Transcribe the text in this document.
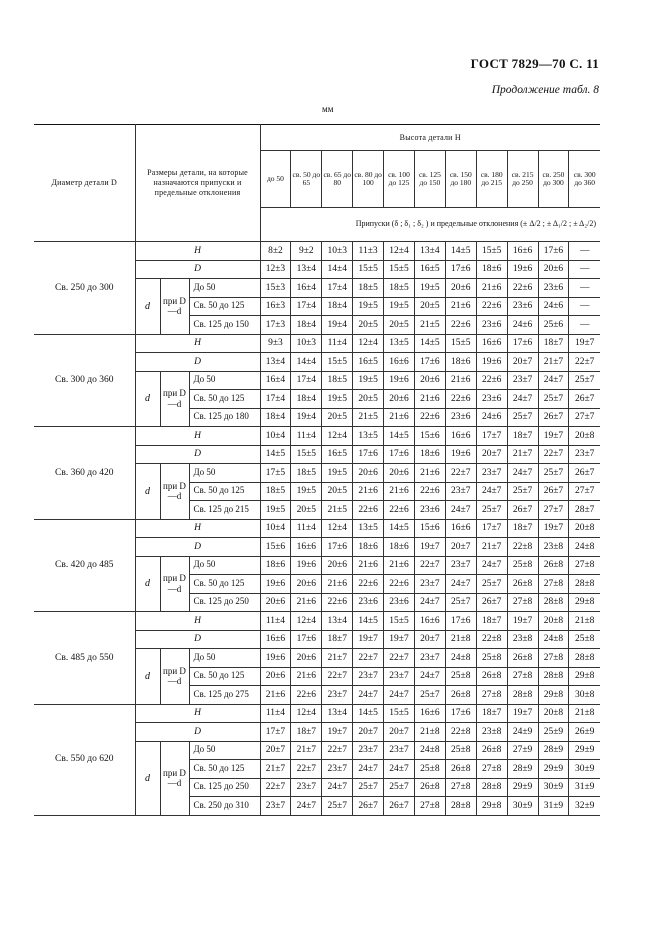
ГОСТ 7829—70 С. 11
Продолжение табл. 8
мм
Диаметр детали D	Размеры детали, на которые назначаются припуски и предельные отклонения			Высота детали H										
				до 50	св. 50 до 65	св. 65 до 80	св. 80 до 100	св. 100 до 125	св. 125 до 150	св. 150 до 180	св. 180 до 215	св. 215 до 250	св. 250 до 300	св. 300 до 360
				Припуски (δ ; δ₁ ; δ₂ ) и предельные отклонения (± Δ/2 ; ± Δ₁/2 ; ± Δ₂/2)										
Св. 250 до 300	H			8±2	9±2	10±3	11±3	12±4	13±4	14±5	15±5	16±6	17±6	—
	D			12±3	13±4	14±4	15±5	15±5	16±5	17±6	18±6	19±6	20±6	—
	d	при D—d	До 50	15±3	16±4	17±4	18±5	18±5	19±5	20±6	21±6	22±6	23±6	—
			Св. 50 до 125	16±3	17±4	18±4	19±5	19±5	20±5	21±6	22±6	23±6	24±6	—
			Св. 125 до 150	17±3	18±4	19±4	20±5	20±5	21±5	22±6	23±6	24±6	25±6	—
Св. 300 до 360	H			9±3	10±3	11±4	12±4	13±5	14±5	15±5	16±6	17±6	18±7	19±7
	D			13±4	14±4	15±5	16±5	16±6	17±6	18±6	19±6	20±7	21±7	22±7
	d	при D—d	До 50	16±4	17±4	18±5	19±5	19±6	20±6	21±6	22±6	23±7	24±7	25±7
			Св. 50 до 125	17±4	18±4	19±5	20±5	20±6	21±6	22±6	23±6	24±7	25±7	26±7
			Св. 125 до 180	18±4	19±4	20±5	21±5	21±6	22±6	23±6	24±6	25±7	26±7	27±7
Св. 360 до 420	H			10±4	11±4	12±4	13±5	14±5	15±6	16±6	17±7	18±7	19±7	20±8
	D			14±5	15±5	16±5	17±6	17±6	18±6	19±6	20±7	21±7	22±7	23±7
	d	при D—d	До 50	17±5	18±5	19±5	20±6	20±6	21±6	22±7	23±7	24±7	25±7	26±7
			Св. 50 до 125	18±5	19±5	20±5	21±6	21±6	22±6	23±7	24±7	25±7	26±7	27±7
			Св. 125 до 215	19±5	20±5	21±5	22±6	22±6	23±6	24±7	25±7	26±7	27±7	28±7
Св. 420 до 485	H			10±4	11±4	12±4	13±5	14±5	15±6	16±6	17±7	18±7	19±7	20±8
	D			15±6	16±6	17±6	18±6	18±6	19±7	20±7	21±7	22±8	23±8	24±8
	d	при D—d	До 50	18±6	19±6	20±6	21±6	21±6	22±7	23±7	24±7	25±8	26±8	27±8
			Св. 50 до 125	19±6	20±6	21±6	22±6	22±6	23±7	24±7	25±7	26±8	27±8	28±8
			Св. 125 до 250	20±6	21±6	22±6	23±6	23±6	24±7	25±7	26±7	27±8	28±8	29±8
Св. 485 до 550	H			11±4	12±4	13±4	14±5	15±5	16±6	17±6	18±7	19±7	20±8	21±8
	D			16±6	17±6	18±7	19±7	19±7	20±7	21±8	22±8	23±8	24±8	25±8
	d	при D—d	До 50	19±6	20±6	21±7	22±7	22±7	23±7	24±8	25±8	26±8	27±8	28±8
			Св. 50 до 125	20±6	21±6	22±7	23±7	23±7	24±7	25±8	26±8	27±8	28±8	29±8
			Св. 125 до 275	21±6	22±6	23±7	24±7	24±7	25±7	26±8	27±8	28±8	29±8	30±8
Св. 550 до 620	H			11±4	12±4	13±4	14±5	15±5	16±6	17±6	18±7	19±7	20±8	21±8
	D			17±7	18±7	19±7	20±7	20±7	21±8	22±8	23±8	24±9	25±9	26±9
	d	при D—d	До 50	20±7	21±7	22±7	23±7	23±7	24±8	25±8	26±8	27±9	28±9	29±9
			Св. 50 до 125	21±7	22±7	23±7	24±7	24±7	25±8	26±8	27±8	28±9	29±9	30±9
			Св. 125 до 250	22±7	23±7	24±7	25±7	25±7	26±8	27±8	28±8	29±9	30±9	31±9
			Св. 250 до 310	23±7	24±7	25±7	26±7	26±7	27±8	28±8	29±8	30±9	31±9	32±9
